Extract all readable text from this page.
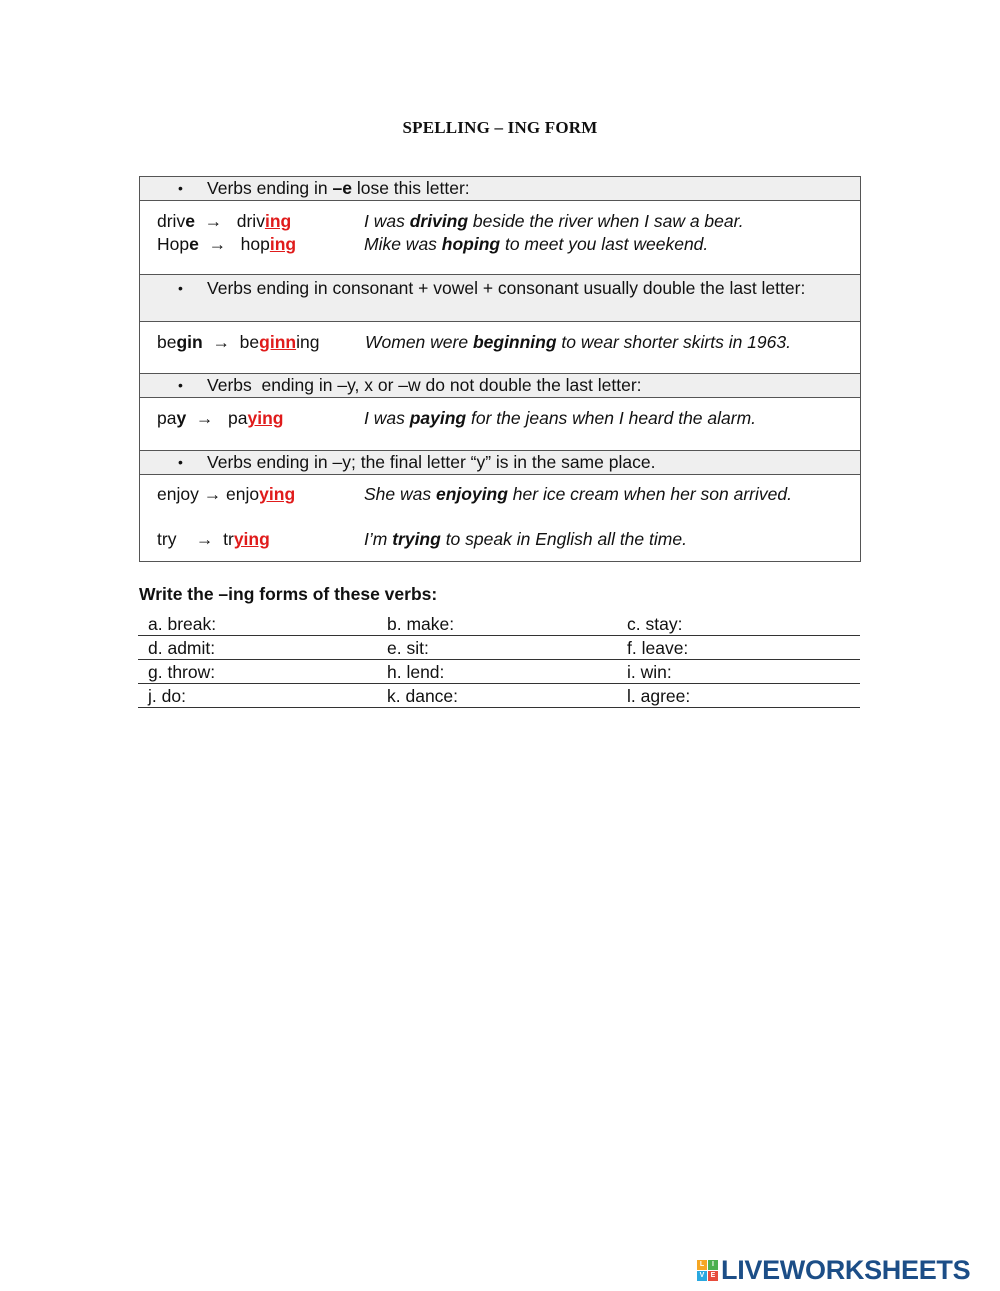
SPELLING – ING FORM
•	Verbs ending in –e lose this letter:
drive  →   driving	I was driving beside the river when I saw a bear.
Hope  →   hoping	Mike was hoping to meet you last weekend.
•	Verbs ending in consonant + vowel + consonant usually double the last letter:
begin  →  beginning	Women were beginning to wear shorter skirts in 1963.
•	Verbs  ending in –y, x or –w do not double the last letter:
pay  →   paying	I was paying for the jeans when I heard the alarm.
•	Verbs ending in –y; the final letter “y” is in the same place.
enjoy → enjoying	She was enjoying her ice cream when her son arrived.
try    →  trying	I’m trying to speak in English all the time.
Write the –ing forms of these verbs:
a. break:	b. make:	c. stay:
d. admit:	e. sit:	f. leave:
g. throw:	h. lend:	i. win:
j. do:	k. dance:	l. agree:
L	I
V E LIVEWORKSHEETS
